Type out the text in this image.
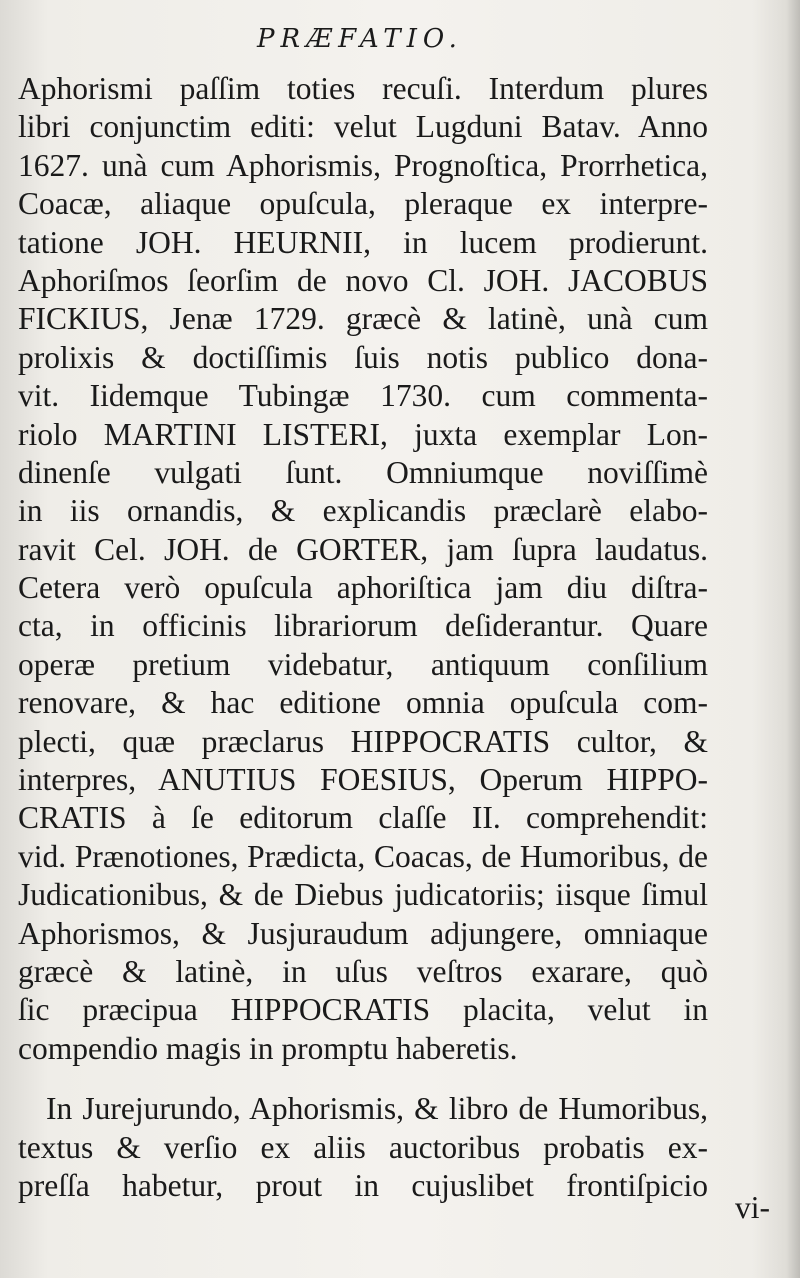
PRÆFATIO.
Aphorismi paſſim toties recuſi. Interdum plures
libri conjunctim editi: velut Lugduni Batav. Anno
1627. unà cum Aphorismis, Prognoſtica, Prorrhetica,
Coacæ, aliaque opuſcula, pleraque ex interpre-
tatione JOH. HEURNII, in lucem prodierunt.
Aphoriſmos ſeorſim de novo Cl. JOH. JACOBUS
FICKIUS, Jenæ 1729. græcè & latinè, unà cum
prolixis & doctiſſimis ſuis notis publico dona-
vit. Iidemque Tubingæ 1730. cum commenta-
riolo MARTINI LISTERI, juxta exemplar Lon-
dinenſe vulgati ſunt. Omniumque noviſſimè
in iis ornandis, & explicandis præclarè elabo-
ravit Cel. JOH. de GORTER, jam ſupra laudatus.
Cetera verò opuſcula aphoriſtica jam diu diſtra-
cta, in officinis librariorum deſiderantur. Quare
operæ pretium videbatur, antiquum conſilium
renovare, & hac editione omnia opuſcula com-
plecti, quæ præclarus HIPPOCRATIS cultor, &
interpres, ANUTIUS FOESIUS, Operum HIPPO-
CRATIS à ſe editorum claſſe II. comprehendit:
vid. Prænotiones, Prædicta, Coacas, de Humoribus, de
Judicationibus, & de Diebus judicatoriis; iisque ſimul
Aphorismos, & Jusjuraudum adjungere, omniaque
græcè & latinè, in uſus veſtros exarare, quò
ſic præcipua HIPPOCRATIS placita, velut in
compendio magis in promptu haberetis.
In Jurejurundo, Aphorismis, & libro de Humoribus,
textus & verſio ex aliis auctoribus probatis ex-
preſſa habetur, prout in cujuslibet frontiſpicio
vi-
